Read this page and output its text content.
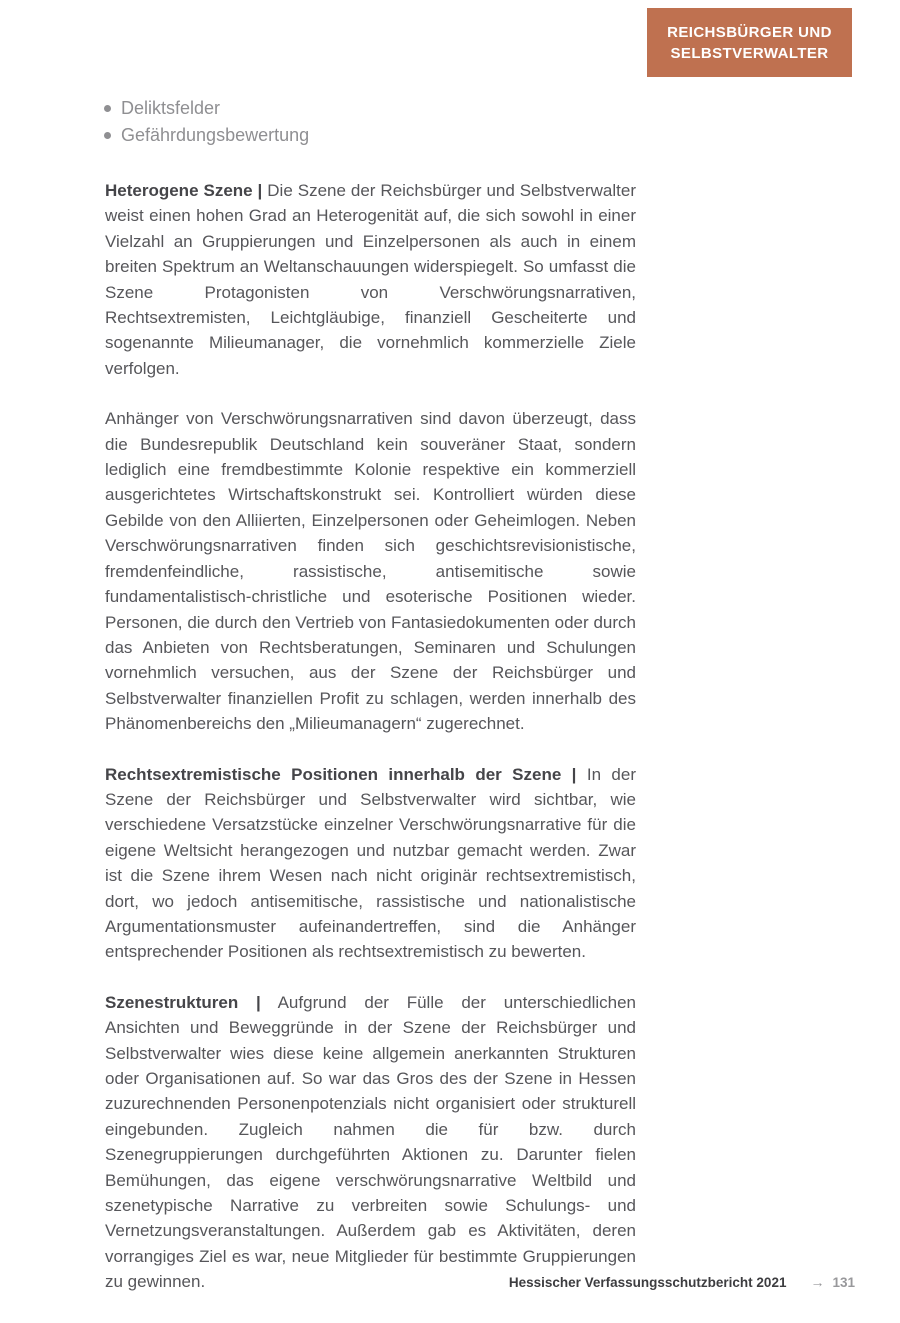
REICHSBÜRGER UND
SELBSTVERWALTER
Deliktsfelder
Gefährdungsbewertung

Heterogene Szene | Die Szene der Reichsbürger und Selbstverwalter weist einen hohen Grad an Heterogenität auf, die sich sowohl in einer Vielzahl an Gruppierungen und Einzelpersonen als auch in einem breiten Spektrum an Weltanschauungen widerspiegelt. So umfasst die Szene Protagonisten von Verschwörungsnarrativen, Rechtsextremisten, Leichtgläubige, finanziell Gescheiterte und sogenannte Milieumanager, die vornehmlich kommerzielle Ziele verfolgen.

Anhänger von Verschwörungsnarrativen sind davon überzeugt, dass die Bundesrepublik Deutschland kein souveräner Staat, sondern lediglich eine fremdbestimmte Kolonie respektive ein kommerziell ausgerichtetes Wirtschaftskonstrukt sei. Kontrolliert würden diese Gebilde von den Alliierten, Einzelpersonen oder Geheimlogen. Neben Verschwörungsnarrativen finden sich geschichtsrevisionistische, fremdenfeindliche, rassistische, antisemitische sowie fundamentalistisch-christliche und esoterische Positionen wieder. Personen, die durch den Vertrieb von Fantasiedokumenten oder durch das Anbieten von Rechtsberatungen, Seminaren und Schulungen vornehmlich versuchen, aus der Szene der Reichsbürger und Selbstverwalter finanziellen Profit zu schlagen, werden innerhalb des Phänomenbereichs den „Milieumanagern“ zugerechnet.

Rechtsextremistische Positionen innerhalb der Szene | In der Szene der Reichsbürger und Selbstverwalter wird sichtbar, wie verschiedene Versatzstücke einzelner Verschwörungsnarrative für die eigene Weltsicht herangezogen und nutzbar gemacht werden. Zwar ist die Szene ihrem Wesen nach nicht originär rechtsextremistisch, dort, wo jedoch antisemitische, rassistische und nationalistische Argumentationsmuster aufeinandertreffen, sind die Anhänger entsprechender Positionen als rechtsextremistisch zu bewerten.

Szenestrukturen | Aufgrund der Fülle der unterschiedlichen Ansichten und Beweggründe in der Szene der Reichsbürger und Selbstverwalter wies diese keine allgemein anerkannten Strukturen oder Organisationen auf. So war das Gros des der Szene in Hessen zuzurechnenden Personenpotenzials nicht organisiert oder strukturell eingebunden. Zugleich nahmen die für bzw. durch Szenegruppierungen durchgeführten Aktionen zu. Darunter fielen Bemühungen, das eigene verschwörungsnarrative Weltbild und szenetypische Narrative zu verbreiten sowie Schulungs- und Vernetzungsveranstaltungen. Außerdem gab es Aktivitäten, deren vorrangiges Ziel es war, neue Mitglieder für bestimmte Gruppierungen zu gewinnen.	Hessischer Verfassungsschutzbericht 2021 → 131
